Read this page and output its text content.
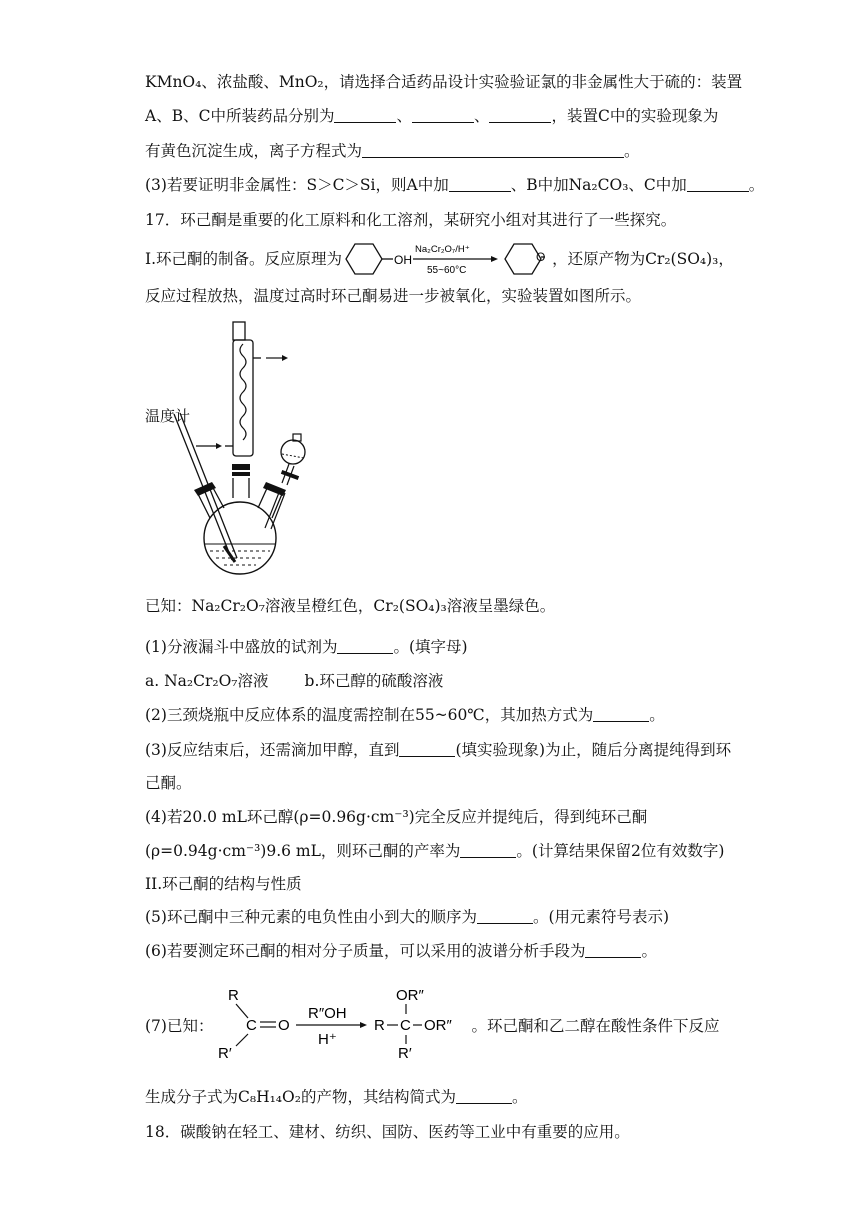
KMnO₄、浓盐酸、MnO₂，请选择合适药品设计实验验证氯的非金属性大于硫的：装置
A、B、C中所装药品分别为	、	、	，装置C中的实验现象为
有黄色沉淀生成，离子方程式为	。
(3)若要证明非金属性：S＞C＞Si，则A中加	、B中加Na₂CO₃、C中加	。
17．环己酮是重要的化工原料和化工溶剂，某研究小组对其进行了一些探究。
I.环己酮的制备。反应原理为	，还原产物为Cr₂(SO₄)₃，
OH
Na₂Cr₂O₇/H⁺
55~60°C
O
反应过程放热，温度过高时环己酮易进一步被氧化，实验装置如图所示。
温度计
已知：Na₂Cr₂O₇溶液呈橙红色，Cr₂(SO₄)₃溶液呈墨绿色。
(1)分液漏斗中盛放的试剂为	。(填字母)
a. Na₂Cr₂O₇溶液 b.环己醇的硫酸溶液
(2)三颈烧瓶中反应体系的温度需控制在55~60℃，其加热方式为	。
(3)反应结束后，还需滴加甲醇，直到	(填实验现象)为止，随后分离提纯得到环
己酮。
(4)若20.0 mL环己醇(ρ=0.96g·cm⁻³)完全反应并提纯后，得到纯环己酮
(ρ=0.94g·cm⁻³)9.6 mL，则环己酮的产率为	。(计算结果保留2位有效数字)
II.环己酮的结构与性质
(5)环己酮中三种元素的电负性由小到大的顺序为	。(用元素符号表示)
(6)若要测定环己酮的相对分子质量，可以采用的波谱分析手段为	。
(7)已知：	。环己酮和乙二醇在酸性条件下反应
R
C O
R′
R″OH
H⁺
R C
OR″
OR″
R′
生成分子式为C₈H₁₄O₂的产物，其结构简式为	。
18．碳酸钠在轻工、建材、纺织、国防、医药等工业中有重要的应用。
